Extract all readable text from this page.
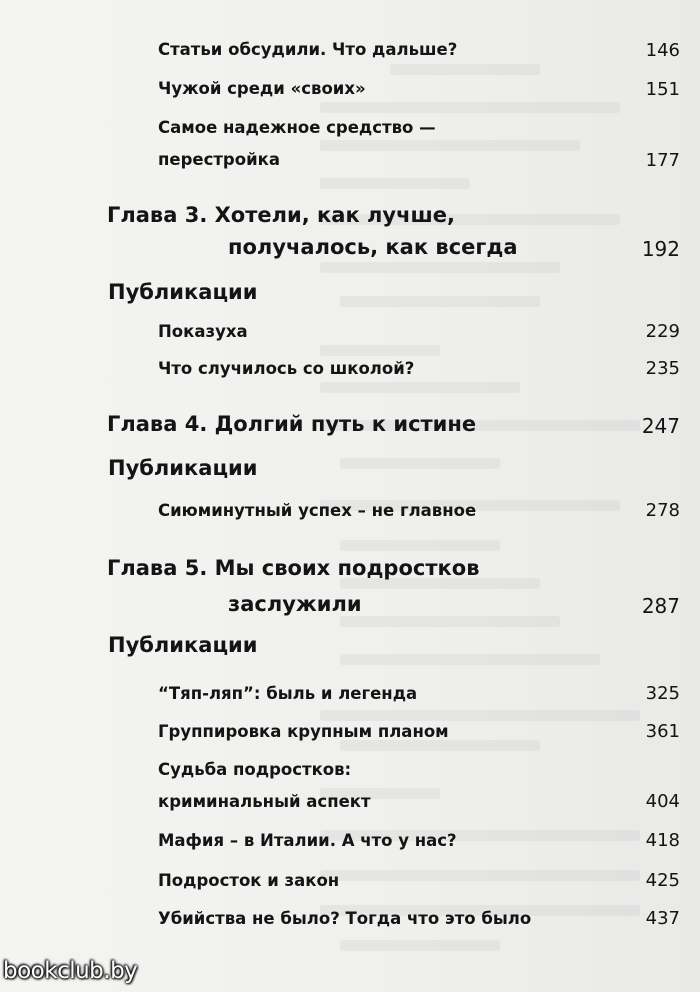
Статьи обсудили. Что дальше?	146
Чужой среди «своих»	151
Самое надежное средство —
перестройка	177
Глава 3. Хотели, как лучше,
получалось, как всегда	192
Публикации
Показуха	229
Что случилось со школой?	235
Глава 4. Долгий путь к истине	247
Публикации
Сиюминутный успех – не главное	278
Глава 5. Мы своих подростков
заслужили	287
Публикации
“Тяп-ляп”: быль и легенда	325
Группировка крупным планом	361
Судьба подростков:
криминальный аспект	404
Мафия – в Италии. А что у нас?	418
Подросток и закон	425
Убийства не было? Тогда что это было	437
bookclub.by
